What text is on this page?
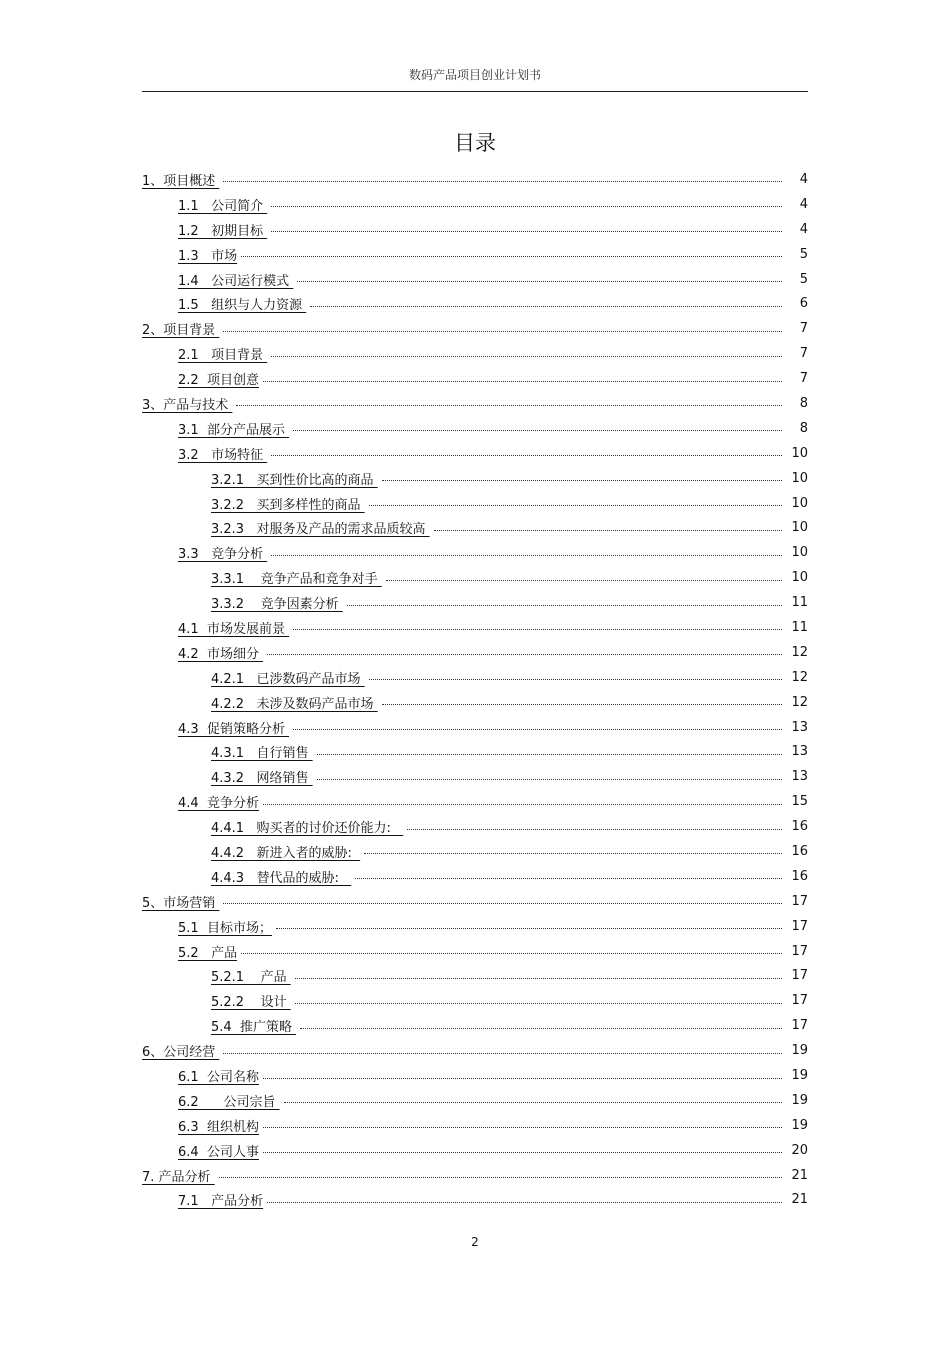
数码产品项目创业计划书
目录
1、项目概述	4
1.1   公司简介	4
1.2   初期目标	4
1.3   市场	5
1.4   公司运行模式	5
1.5   组织与人力资源	6
2、项目背景	7
2.1   项目背景	7
2.2  项目创意	7
3、产品与技术	8
3.1  部分产品展示	8
3.2   市场特征	10
3.2.1   买到性价比高的商品	10
3.2.2   买到多样性的商品	10
3.2.3   对服务及产品的需求品质较高	10
3.3   竞争分析	10
3.3.1    竞争产品和竞争对手	10
3.3.2    竞争因素分析	11
4.1  市场发展前景	11
4.2  市场细分	12
4.2.1   已涉数码产品市场	12
4.2.2   未涉及数码产品市场	12
4.3  促销策略分析	13
4.3.1   自行销售	13
4.3.2   网络销售	13
4.4  竞争分析	15
4.4.1   购买者的讨价还价能力:	16
4.4.2   新进入者的威胁:	16
4.4.3   替代品的威胁:	16
5、市场营销	17
5.1  目标市场；	17
5.2   产品	17
5.2.1    产品	17
5.2.2    设计	17
5.4  推广策略	17
6、公司经营	19
6.1  公司名称	19
6.2      公司宗旨	19
6.3  组织机构	19
6.4  公司人事	20
7. 产品分析	21
7.1   产品分析	21
2
